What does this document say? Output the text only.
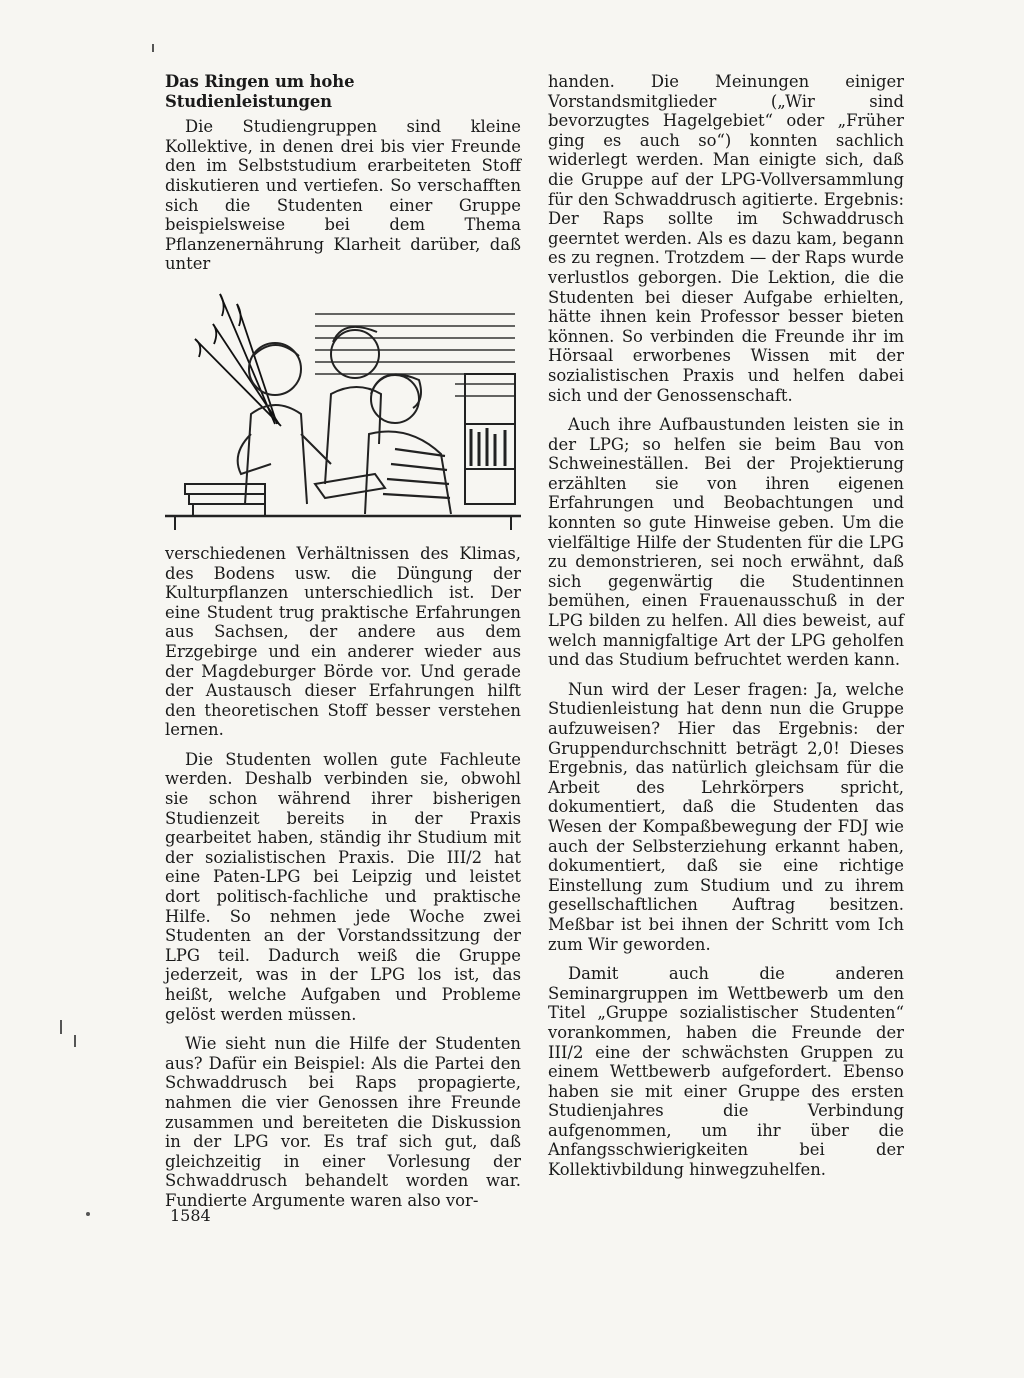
Das Ringen um hohe Studienleistungen

Die Studiengruppen sind kleine Kollektive, in denen drei bis vier Freunde den im Selbststudium erarbeiteten Stoff diskutieren und vertiefen. So verschafften sich die Studenten einer Gruppe beispielsweise bei dem Thema Pflanzenernährung Klarheit darüber, daß unter

verschiedenen Verhältnissen des Klimas, des Bodens usw. die Düngung der Kulturpflanzen unterschiedlich ist. Der eine Student trug praktische Erfahrungen aus Sachsen, der andere aus dem Erzgebirge und ein anderer wieder aus der Magdeburger Börde vor. Und gerade der Austausch dieser Erfahrungen hilft den theoretischen Stoff besser verstehen lernen.

Die Studenten wollen gute Fachleute werden. Deshalb verbinden sie, obwohl sie schon während ihrer bisherigen Studienzeit bereits in der Praxis gearbeitet haben, ständig ihr Studium mit der sozialistischen Praxis. Die III/2 hat eine Paten-LPG bei Leipzig und leistet dort politisch-fachliche und praktische Hilfe. So nehmen jede Woche zwei Studenten an der Vorstandssitzung der LPG teil. Dadurch weiß die Gruppe jederzeit, was in der LPG los ist, das heißt, welche Aufgaben und Probleme gelöst werden müssen.

Wie sieht nun die Hilfe der Studenten aus? Dafür ein Beispiel: Als die Partei den Schwaddrusch bei Raps propagierte, nahmen die vier Genossen ihre Freunde zusammen und bereiteten die Diskussion in der LPG vor. Es traf sich gut, daß gleichzeitig in einer Vorlesung der Schwaddrusch behandelt worden war. Fundierte Argumente waren also vor-

handen. Die Meinungen einiger Vorstandsmitglieder („Wir sind bevorzugtes Hagelgebiet“ oder „Früher ging es auch so“) konnten sachlich widerlegt werden. Man einigte sich, daß die Gruppe auf der LPG-Vollversammlung für den Schwaddrusch agitierte. Ergebnis: Der Raps sollte im Schwaddrusch geerntet werden. Als es dazu kam, begann es zu regnen. Trotzdem — der Raps wurde verlustlos geborgen. Die Lektion, die die Studenten bei dieser Aufgabe erhielten, hätte ihnen kein Professor besser bieten können. So verbinden die Freunde ihr im Hörsaal erworbenes Wissen mit der sozialistischen Praxis und helfen dabei sich und der Genossenschaft.

Auch ihre Aufbaustunden leisten sie in der LPG; so helfen sie beim Bau von Schweineställen. Bei der Projektierung erzählten sie von ihren eigenen Erfahrungen und Beobachtungen und konnten so gute Hinweise geben. Um die vielfältige Hilfe der Studenten für die LPG zu demonstrieren, sei noch erwähnt, daß sich gegenwärtig die Studentinnen bemühen, einen Frauenausschuß in der LPG bilden zu helfen. All dies beweist, auf welch mannigfaltige Art der LPG geholfen und das Studium befruchtet werden kann.

Nun wird der Leser fragen: Ja, welche Studienleistung hat denn nun die Gruppe aufzuweisen? Hier das Ergebnis: der Gruppendurchschnitt beträgt 2,0! Dieses Ergebnis, das natürlich gleichsam für die Arbeit des Lehrkörpers spricht, dokumentiert, daß die Studenten das Wesen der Kompaßbewegung der FDJ wie auch der Selbsterziehung erkannt haben, dokumentiert, daß sie eine richtige Einstellung zum Studium und zu ihrem gesellschaftlichen Auftrag besitzen. Meßbar ist bei ihnen der Schritt vom Ich zum Wir geworden.

Damit auch die anderen Seminargruppen im Wettbewerb um den Titel „Gruppe sozialistischer Studenten“ vorankommen, haben die Freunde der III/2 eine der schwächsten Gruppen zu einem Wettbewerb aufgefordert. Ebenso haben sie mit einer Gruppe des ersten Studienjahres die Verbindung aufgenommen, um ihr über die Anfangsschwierigkeiten bei der Kollektivbildung hinwegzuhelfen.

1584
